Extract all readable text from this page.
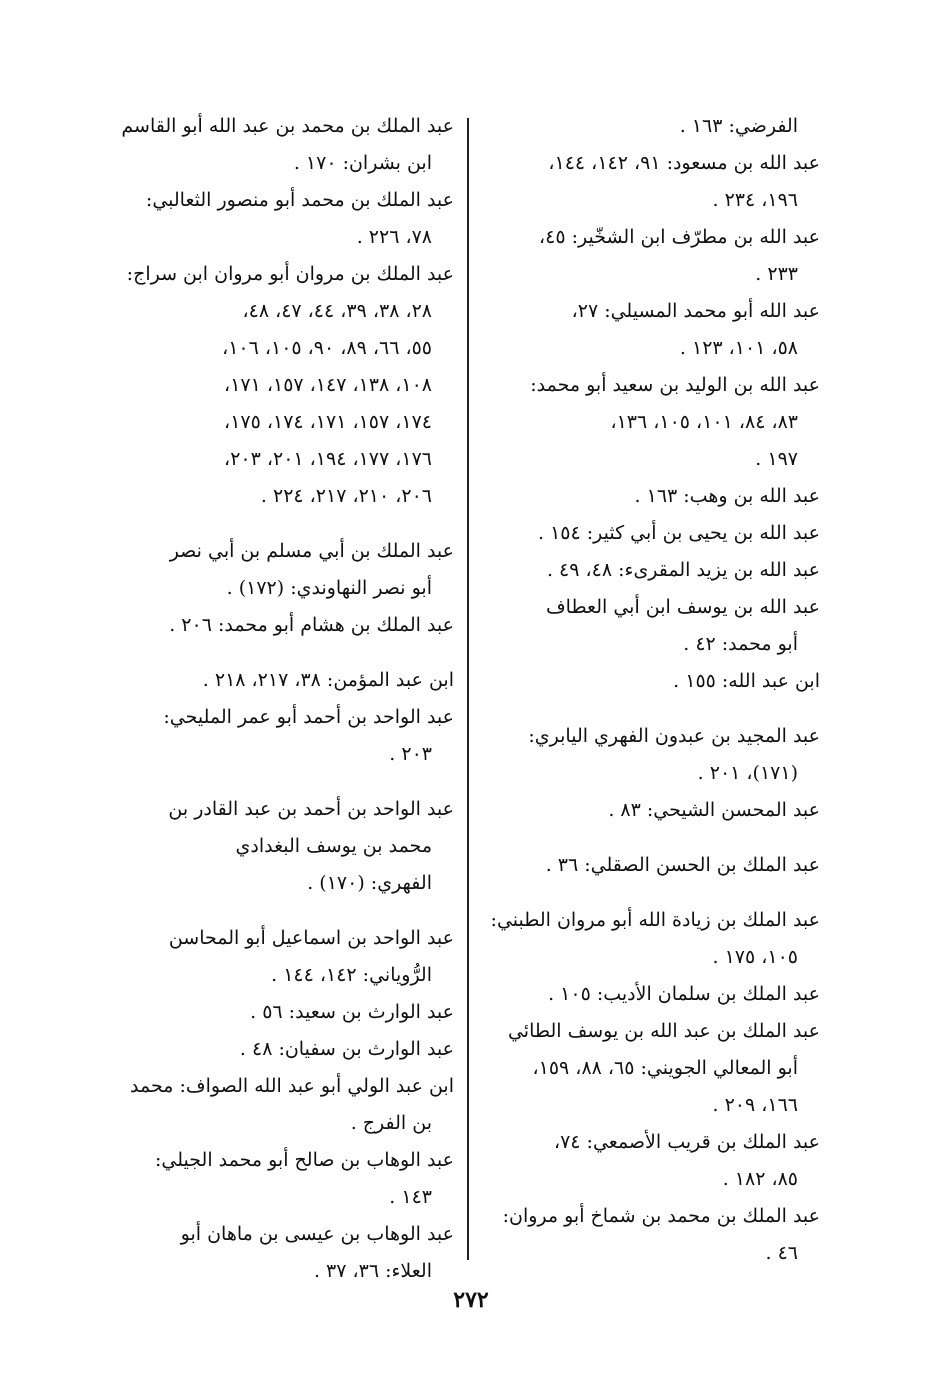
الفرضي: ١٦٣ .
عبد الله بن مسعود: ٩١، ١٤٢، ١٤٤،
١٩٦، ٢٣٤ .
عبد الله بن مطرّف ابن الشخّير: ٤٥،
٢٣٣ .
عبد الله أبو محمد المسيلي: ٢٧،
٥٨، ١٠١، ١٢٣ .
عبد الله بن الوليد بن سعيد أبو محمد:
٨٣، ٨٤، ١٠١، ١٠٥، ١٣٦،
١٩٧ .
عبد الله بن وهب: ١٦٣ .
عبد الله بن يحيى بن أبي كثير: ١٥٤ .
عبد الله بن يزيد المقرىء: ٤٨، ٤٩ .
عبد الله بن يوسف ابن أبي العطاف
أبو محمد: ٤٢ .
ابن عبد الله: ١٥٥ .
عبد المجيد بن عبدون الفهري اليابري:
(١٧١)، ٢٠١ .
عبد المحسن الشيحي: ٨٣ .
عبد الملك بن الحسن الصقلي: ٣٦ .
عبد الملك بن زيادة الله أبو مروان الطبني:
١٠٥، ١٧٥ .
عبد الملك بن سلمان الأديب: ١٠٥ .
عبد الملك بن عبد الله بن يوسف الطائي
أبو المعالي الجويني: ٦٥، ٨٨، ١٥٩،
١٦٦، ٢٠٩ .
عبد الملك بن قريب الأصمعي: ٧٤،
٨٥، ١٨٢ .
عبد الملك بن محمد بن شماخ أبو مروان:
٤٦ .
عبد الملك بن محمد بن عبد الله أبو القاسم
ابن بشران: ١٧٠ .
عبد الملك بن محمد أبو منصور الثعالبي:
٧٨، ٢٢٦ .
عبد الملك بن مروان أبو مروان ابن سراج:
٢٨، ٣٨، ٣٩، ٤٤، ٤٧، ٤٨،
٥٥، ٦٦، ٨٩، ٩٠، ١٠٥، ١٠٦،
١٠٨، ١٣٨، ١٤٧، ١٥٧، ١٧١،
١٧٤، ١٥٧، ١٧١، ١٧٤، ١٧٥،
١٧٦، ١٧٧، ١٩٤، ٢٠١، ٢٠٣،
٢٠٦، ٢١٠، ٢١٧، ٢٢٤ .
عبد الملك بن أبي مسلم بن أبي نصر
أبو نصر النهاوندي: (١٧٢) .
عبد الملك بن هشام أبو محمد: ٢٠٦ .
ابن عبد المؤمن: ٣٨، ٢١٧، ٢١٨ .
عبد الواحد بن أحمد أبو عمر المليحي:
٢٠٣ .
عبد الواحد بن أحمد بن عبد القادر بن
محمد بن يوسف البغدادي
الفهري: (١٧٠) .
عبد الواحد بن اسماعيل أبو المحاسن
الرُّوياني: ١٤٢، ١٤٤ .
عبد الوارث بن سعيد: ٥٦ .
عبد الوارث بن سفيان: ٤٨ .
ابن عبد الولي أبو عبد الله الصواف: محمد
بن الفرج .
عبد الوهاب بن صالح أبو محمد الجيلي:
١٤٣ .
عبد الوهاب بن عيسى بن ماهان أبو
العلاء: ٣٦، ٣٧ .
٢٧٢
